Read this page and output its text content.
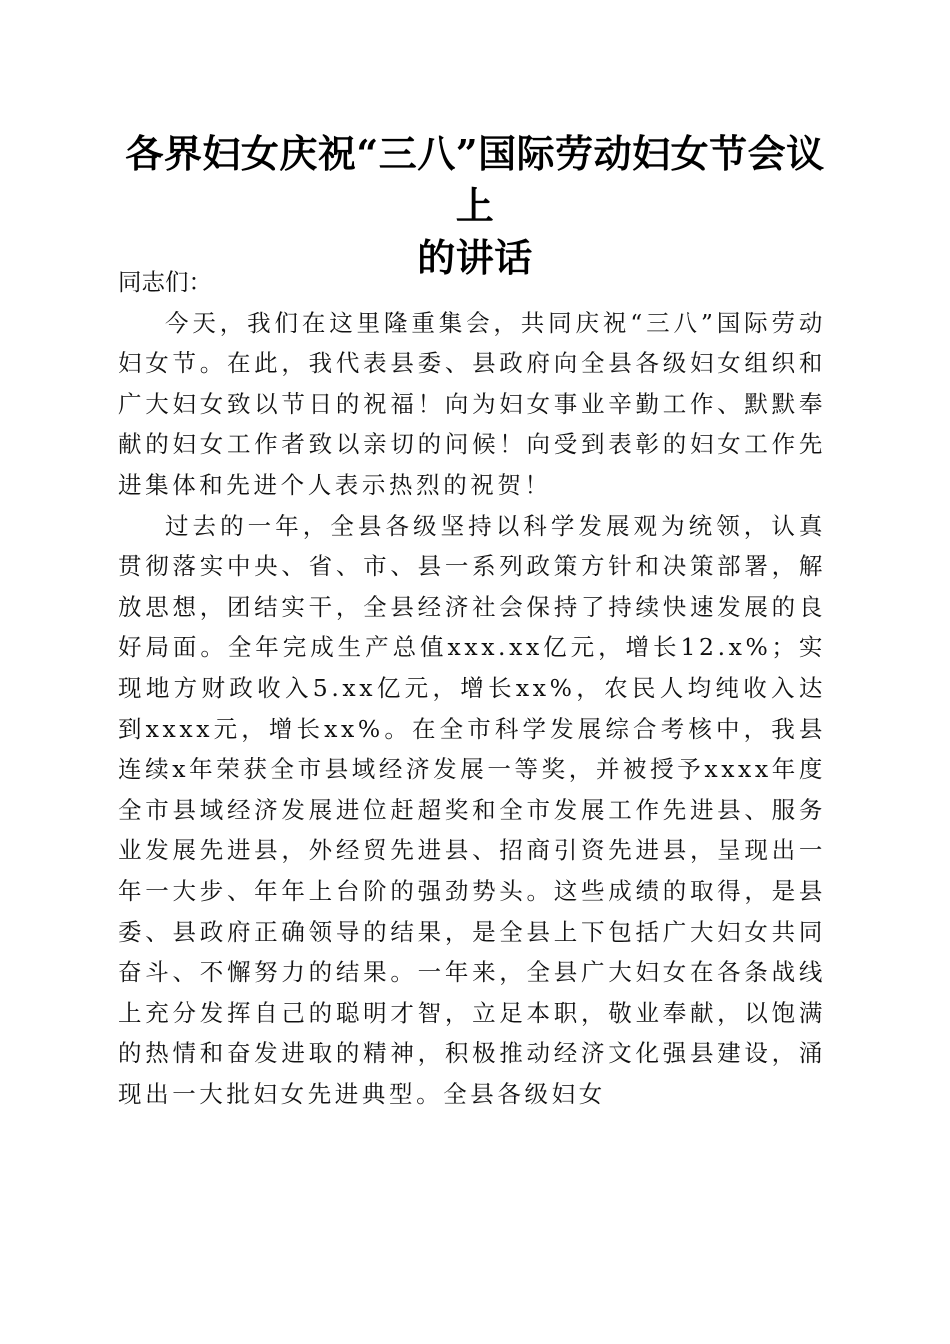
各界妇女庆祝“三八”国际劳动妇女节会议上
的讲话

同志们：

今天，我们在这里隆重集会，共同庆祝“三八”国际劳动妇女节。在此，我代表县委、县政府向全县各级妇女组织和广大妇女致以节日的祝福！向为妇女事业辛勤工作、默默奉献的妇女工作者致以亲切的问候！向受到表彰的妇女工作先进集体和先进个人表示热烈的祝贺！

过去的一年，全县各级坚持以科学发展观为统领，认真贯彻落实中央、省、市、县一系列政策方针和决策部署，解放思想，团结实干，全县经济社会保持了持续快速发展的良好局面。全年完成生产总值xxx.xx亿元，增长12.x%；实现地方财政收入5.xx亿元，增长xx%，农民人均纯收入达到xxxx元，增长xx%。在全市科学发展综合考核中，我县连续x年荣获全市县域经济发展一等奖，并被授予xxxx年度全市县域经济发展进位赶超奖和全市发展工作先进县、服务业发展先进县，外经贸先进县、招商引资先进县，呈现出一年一大步、年年上台阶的强劲势头。这些成绩的取得，是县委、县政府正确领导的结果，是全县上下包括广大妇女共同奋斗、不懈努力的结果。一年来，全县广大妇女在各条战线上充分发挥自己的聪明才智，立足本职，敬业奉献，以饱满的热情和奋发进取的精神，积极推动经济文化强县建设，涌现出一大批妇女先进典型。全县各级妇女
